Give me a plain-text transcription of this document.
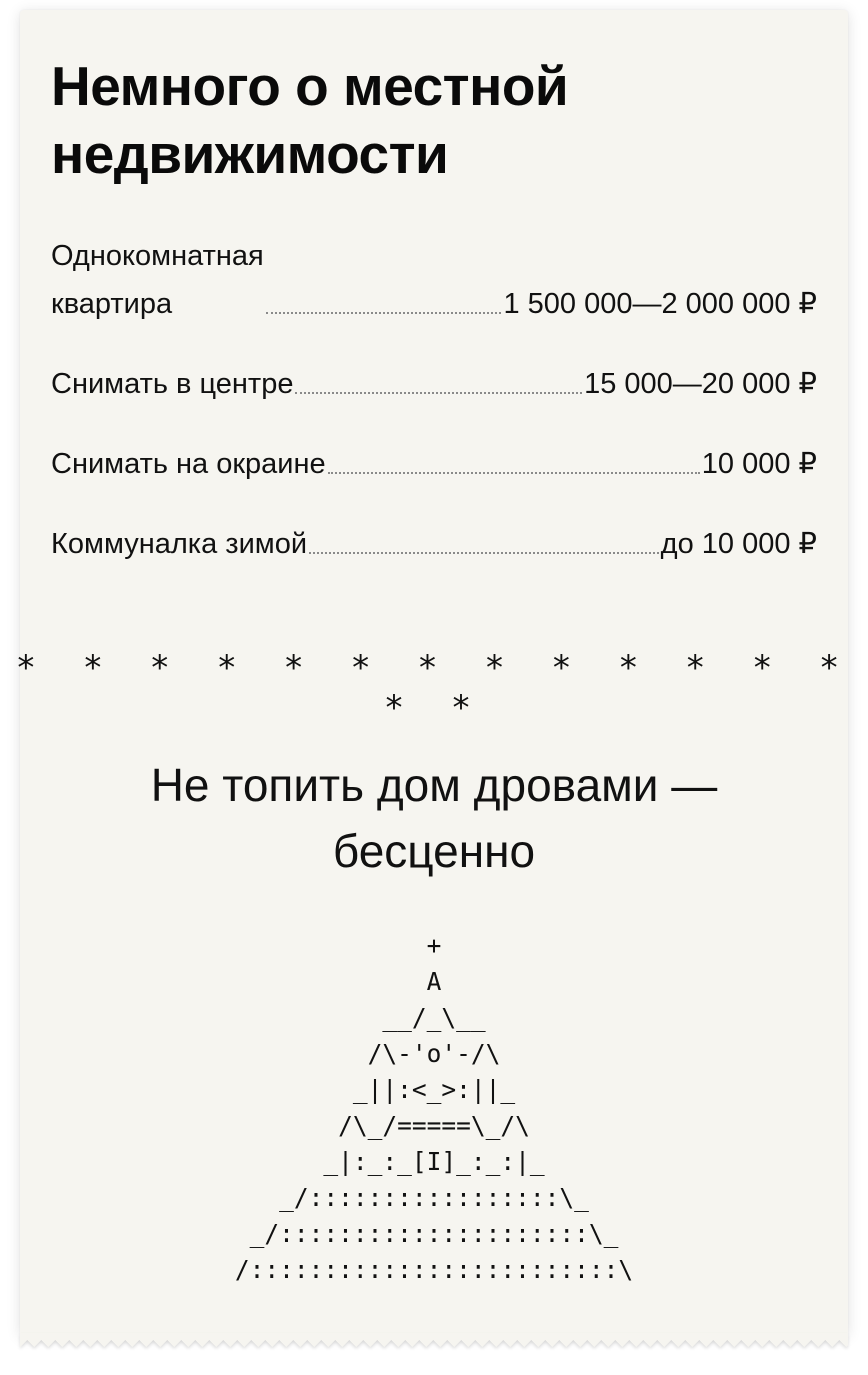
Немного о местной недвижимости
Однокомнатная
квартира	1 500 000—2 000 000 ₽
Снимать в центре	15 000—20 000 ₽
Снимать на окраине	10 000 ₽
Коммуналка зимой	до 10 000 ₽
* * * * * * * * * * * * * * *
Не топить дом дровами —
бесценно
+
A
__/_\__
/\-'o'-/\
_||:<_>:||_
/\_/=====\_/\
_|:_:_[I]_:_:|_
_/:::::::::::::::::\_
_/:::::::::::::::::::::\_
/:::::::::::::::::::::::::\
